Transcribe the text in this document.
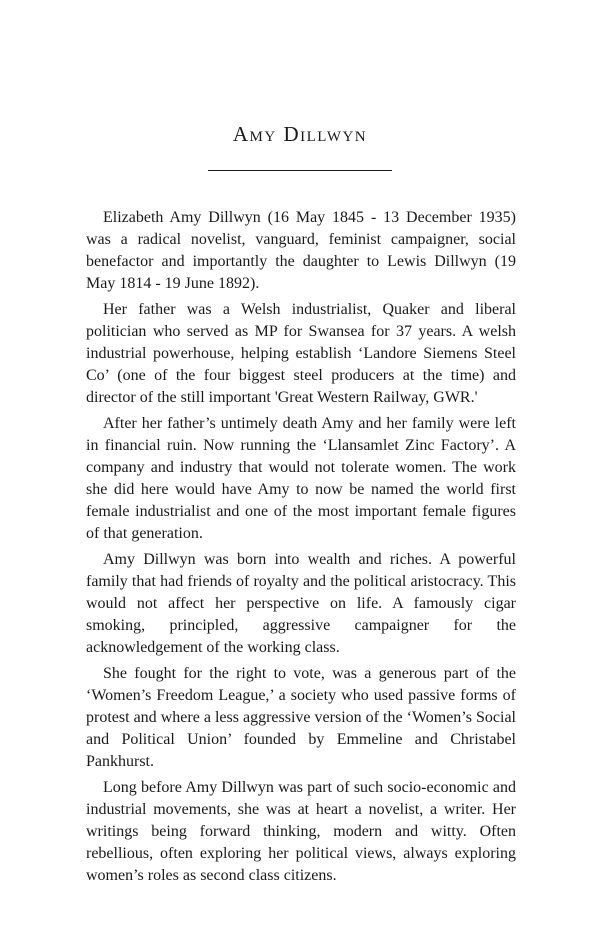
Amy Dillwyn

Elizabeth Amy Dillwyn (16 May 1845 - 13 December 1935) was a radical novelist, vanguard, feminist campaigner, social benefactor and importantly the daughter to Lewis Dillwyn (19 May 1814 - 19 June 1892).

Her father was a Welsh industrialist, Quaker and liberal politician who served as MP for Swansea for 37 years. A welsh industrial powerhouse, helping establish ‘Landore Siemens Steel Co’ (one of the four biggest steel producers at the time) and director of the still important 'Great Western Railway, GWR.'

After her father’s untimely death Amy and her family were left in financial ruin. Now running the ‘Llansamlet Zinc Factory’. A company and industry that would not tolerate women. The work she did here would have Amy to now be named the world first female industrialist and one of the most important female figures of that generation.

Amy Dillwyn was born into wealth and riches. A powerful family that had friends of royalty and the political aristocracy. This would not affect her perspective on life. A famously cigar smoking, principled, aggressive campaigner for the acknowledgement of the working class.

She fought for the right to vote, was a generous part of the ‘Women’s Freedom League,’ a society who used passive forms of protest and where a less aggressive version of the ‘Women’s Social and Political Union’ founded by Emmeline and Christabel Pankhurst.

Long before Amy Dillwyn was part of such socio-economic and industrial movements, she was at heart a novelist, a writer. Her writings being forward thinking, modern and witty. Often rebellious, often exploring her political views, always exploring women’s roles as second class citizens.
